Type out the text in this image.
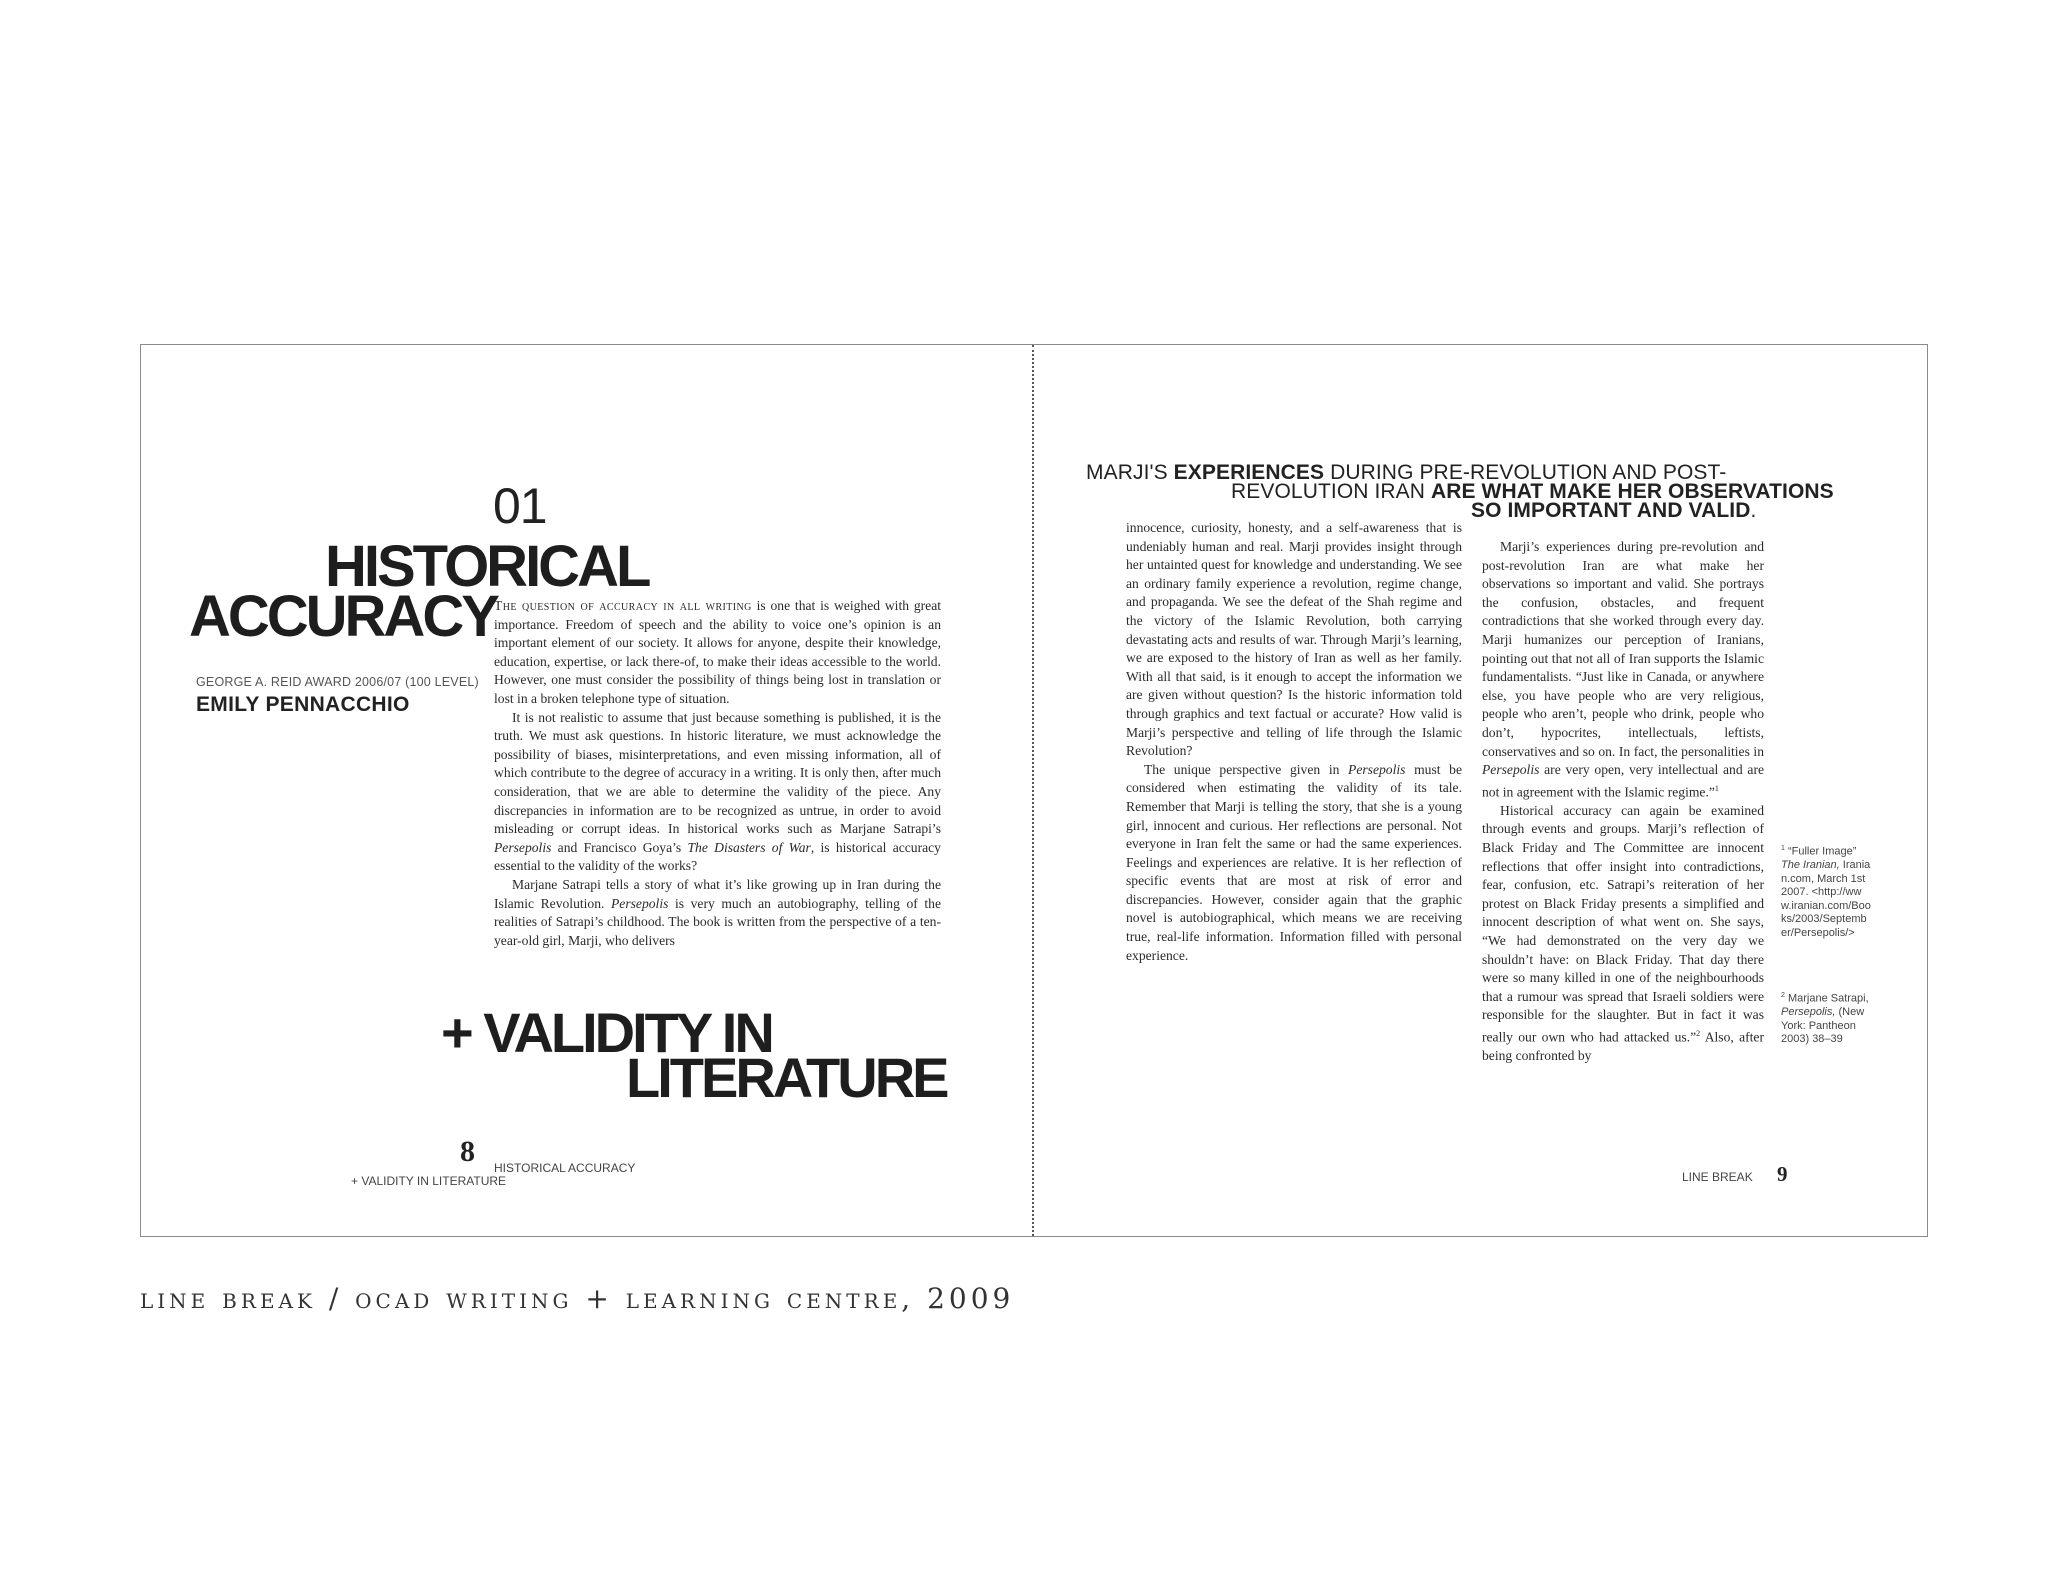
01
HISTORICAL
ACCURACY
GEORGE A. REID AWARD 2006/07 (100 LEVEL)
EMILY PENNACCHIO

The question of accuracy in all writing is one that is weighed with great importance. Freedom of speech and the ability to voice one’s opinion is an important element of our society. It allows for anyone, despite their knowledge, education, expertise, or lack there-of, to make their ideas accessible to the world. However, one must consider the possibility of things being lost in translation or lost in a broken telephone type of situation.

It is not realistic to assume that just because something is published, it is the truth. We must ask questions. In historic literature, we must acknowledge the possibility of biases, misinterpretations, and even missing information, all of which contribute to the degree of accuracy in a writing. It is only then, after much consideration, that we are able to determine the validity of the piece. Any discrepancies in information are to be recognized as untrue, in order to avoid misleading or corrupt ideas. In historical works such as Marjane Satrapi’s Persepolis and Francisco Goya’s The Disasters of War, is historical accuracy essential to the validity of the works?

Marjane Satrapi tells a story of what it’s like growing up in Iran during the Islamic Revolution. Persepolis is very much an autobiography, telling of the realities of Satrapi’s childhood. The book is written from the perspective of a ten-year-old girl, Marji, who delivers

+ VALIDITY IN
LITERATURE
8 HISTORICAL ACCURACY
+ VALIDITY IN LITERATURE
MARJI'S EXPERIENCES DURING PRE-REVOLUTION AND POST-
REVOLUTION IRAN ARE WHAT MAKE HER OBSERVATIONS
SO IMPORTANT AND VALID.

innocence, curiosity, honesty, and a self-awareness that is undeniably human and real. Marji provides insight through her untainted quest for knowledge and understanding. We see an ordinary family experience a revolution, regime change, and propaganda. We see the defeat of the Shah regime and the victory of the Islamic Revolution, both carrying devastating acts and results of war. Through Marji’s learning, we are exposed to the history of Iran as well as her family. With all that said, is it enough to accept the information we are given without question? Is the historic information told through graphics and text factual or accurate? How valid is Marji’s perspective and telling of life through the Islamic Revolution?

The unique perspective given in Persepolis must be considered when estimating the validity of its tale. Remember that Marji is telling the story, that she is a young girl, innocent and curious. Her reflections are personal. Not everyone in Iran felt the same or had the same experiences. Feelings and experiences are relative. It is her reflection of specific events that are most at risk of error and discrepancies. However, consider again that the graphic novel is autobiographical, which means we are receiving true, real-life information. Information filled with personal experience.

Marji’s experiences during pre-revolution and post-revolution Iran are what make her observations so important and valid. She portrays the confusion, obstacles, and frequent contradictions that she worked through every day. Marji humanizes our perception of Iranians, pointing out that not all of Iran supports the Islamic fundamentalists. “Just like in Canada, or anywhere else, you have people who are very religious, people who aren’t, people who drink, people who don’t, hypocrites, intellectuals, leftists, conservatives and so on. In fact, the personalities in Persepolis are very open, very intellectual and are not in agreement with the Islamic regime.”$^1$

Historical accuracy can again be examined through events and groups. Marji’s reflection of Black Friday and The Committee are innocent reflections that offer insight into contradictions, fear, confusion, etc. Satrapi’s reiteration of her protest on Black Friday presents a simplified and innocent description of what went on. She says, “We had demonstrated on the very day we shouldn’t have: on Black Friday. That day there were so many killed in one of the neighbourhoods that a rumour was spread that Israeli soldiers were responsible for the slaughter. But in fact it was really our own who had attacked us.”$^2$ Also, after being confronted by

$^1$ “Fuller Image” The Iranian, Iranian.com, March 1st 2007. <http://www.iranian.com/Books/2003/September/Persepolis/>
$^2$ Marjane Satrapi, Persepolis, (New York: Pantheon 2003) 38–39
LINE BREAK 9
line break / ocad writing + learning centre, 2009
